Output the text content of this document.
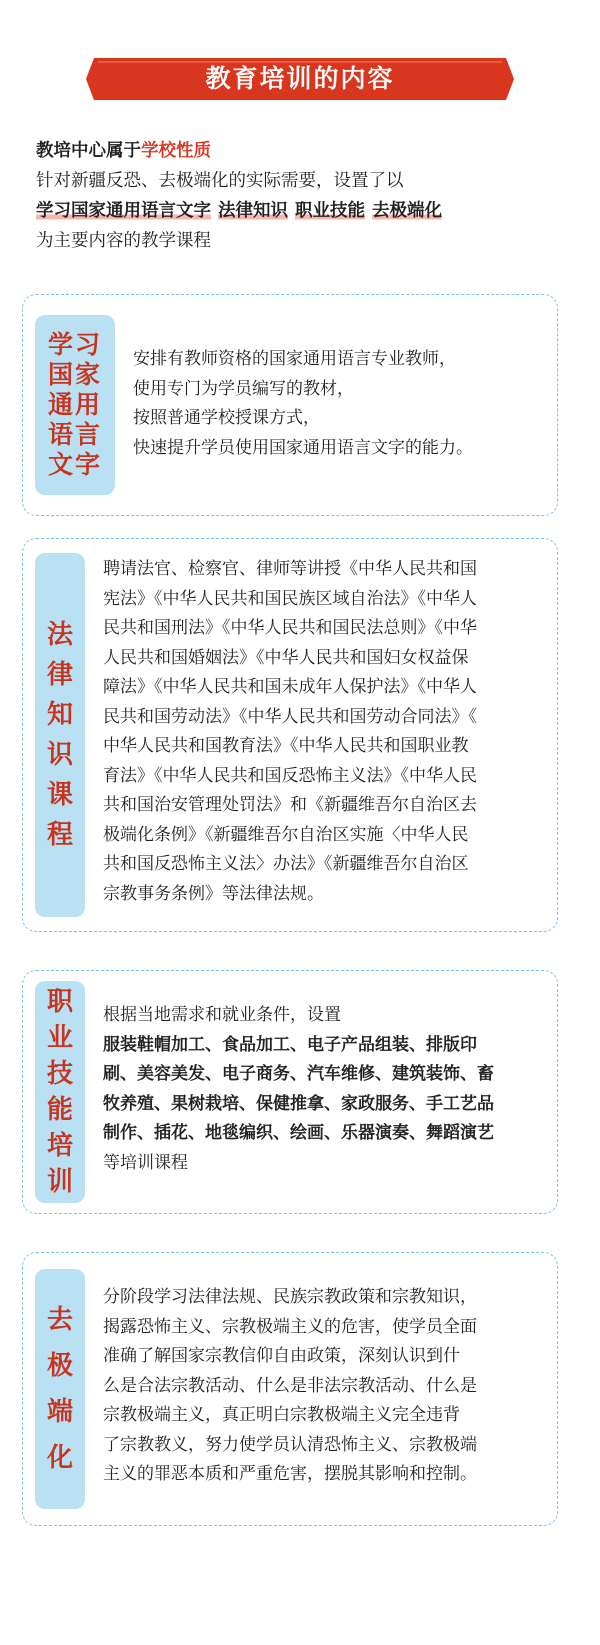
教育培训的内容
教培中心属于学校性质
针对新疆反恐、去极端化的实际需要，设置了以
学习国家通用语言文字 法律知识 职业技能 去极端化
为主要内容的教学课程
学习国家通用语言文字

安排有教师资格的国家通用语言专业教师，

使用专门为学员编写的教材，

按照普通学校授课方式，

快速提升学员使用国家通用语言文字的能力。

法律知识课程

聘请法官、检察官、律师等讲授《中华人民共和国

宪法》《中华人民共和国民族区域自治法》《中华人

民共和国刑法》《中华人民共和国民法总则》《中华

人民共和国婚姻法》《中华人民共和国妇女权益保

障法》《中华人民共和国未成年人保护法》《中华人

民共和国劳动法》《中华人民共和国劳动合同法》《

中华人民共和国教育法》《中华人民共和国职业教

育法》《中华人民共和国反恐怖主义法》《中华人民

共和国治安管理处罚法》和《新疆维吾尔自治区去

极端化条例》《新疆维吾尔自治区实施〈中华人民

共和国反恐怖主义法〉办法》《新疆维吾尔自治区

宗教事务条例》等法律法规。

职业技能培训

根据当地需求和就业条件，设置

服装鞋帽加工、食品加工、电子产品组装、排版印

刷、美容美发、电子商务、汽车维修、建筑装饰、畜

牧养殖、果树栽培、保健推拿、家政服务、手工艺品

制作、插花、地毯编织、绘画、乐器演奏、舞蹈演艺

等培训课程

去极端化

分阶段学习法律法规、民族宗教政策和宗教知识，

揭露恐怖主义、宗教极端主义的危害，使学员全面

准确了解国家宗教信仰自由政策，深刻认识到什

么是合法宗教活动、什么是非法宗教活动、什么是

宗教极端主义，真正明白宗教极端主义完全违背

了宗教教义，努力使学员认清恐怖主义、宗教极端

主义的罪恶本质和严重危害，摆脱其影响和控制。
